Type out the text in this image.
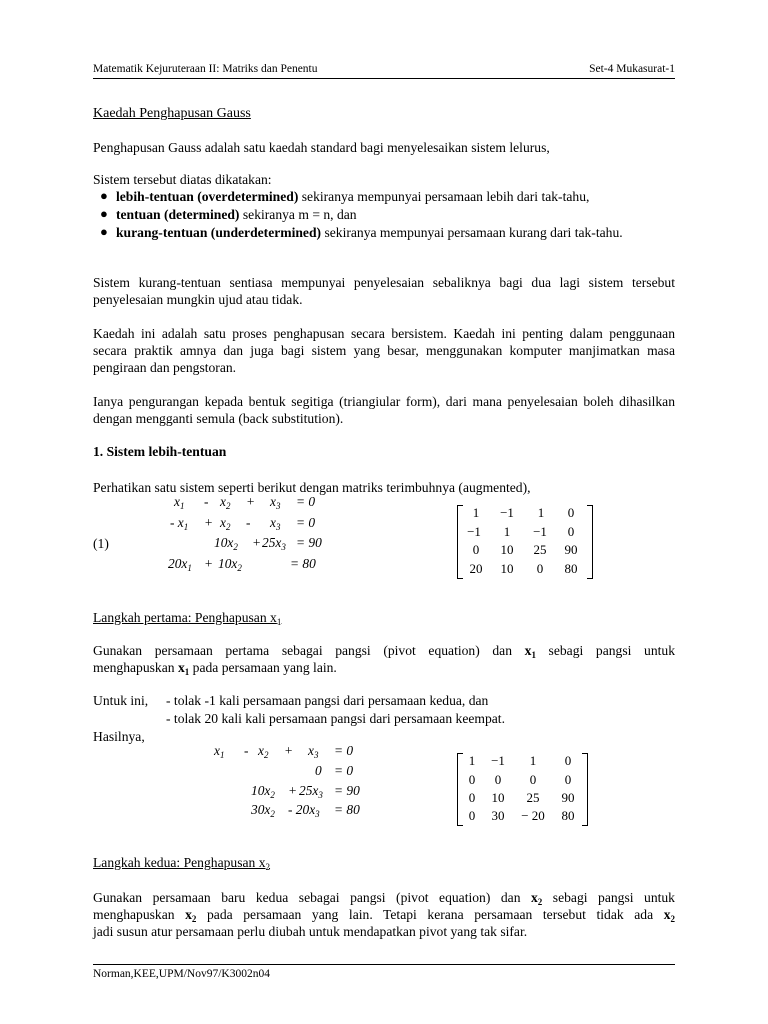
Matematik Kejuruteraan II: Matriks dan Penentu	Set-4 Mukasurat-1
Kaedah Penghapusan Gauss

Penghapusan Gauss adalah satu kaedah standard bagi menyelesaikan sistem lelurus,

Sistem tersebut diatas dikatakan:

● lebih-tentuan (overdetermined) sekiranya mempunyai persamaan lebih dari tak-tahu,
● tentuan (determined) sekiranya m = n, dan
● kurang-tentuan (underdetermined) sekiranya mempunyai persamaan kurang dari tak-tahu.

Sistem kurang-tentuan sentiasa mempunyai penyelesaian sebaliknya bagi dua lagi sistem tersebut penyelesaian mungkin ujud atau tidak.

Kaedah ini adalah satu proses penghapusan secara bersistem. Kaedah ini penting dalam penggunaan secara praktik amnya dan juga bagi sistem yang besar, menggunakan komputer manjimatkan masa pengiraan dan pengstoran.

Ianya pengurangan kepada bentuk segitiga (triangiular form), dari mana penyelesaian boleh dihasilkan dengan mengganti semula (back substitution).

1. Sistem lebih-tentuan

Perhatikan satu sistem seperti berikut dengan matriks terimbuhnya (augmented),

(1)
$x_1 - x_2 + x_3 = 0$
- $x_1 + x_2 - x_3 = 0$
$10x_2 + 25x_3 = 90$
$20x_1 + 10x_2$	= 80
1	−1	1	0
−1	1	−1	0
0	10	25	90
20	10	0	80
Langkah pertama: Penghapusan $x_1$
Gunakan persamaan pertama sebagai pangsi (pivot equation) dan $x_1$ sebagi pangsi untuk
menghapuskan $x_1$ pada persamaan yang lain.
Untuk ini, - tolak -1 kali persamaan pangsi dari persamaan kedua, dan
- tolak 20 kali kali persamaan pangsi dari persamaan keempat.
Hasilnya,
$x_1 - x_2 + x_3 = 0$
0 = 0
$10x_2 + 25x_3 = 90$
$30x_2 - 20x_3 = 80$
1	−1	1	0
0	0	0	0
0	10	25	90
0	30	− 20	80
Langkah kedua: Penghapusan $x_2$
Gunakan persamaan baru kedua sebagai pangsi (pivot equation) dan $x_2$ sebagi pangsi untuk
menghapuskan $x_2$ pada persamaan yang lain. Tetapi kerana persamaan tersebut tidak ada $x_2$
jadi susun atur persamaan perlu diubah untuk mendapatkan pivot yang tak sifar.
Norman,KEE,UPM/Nov97/K3002n04
